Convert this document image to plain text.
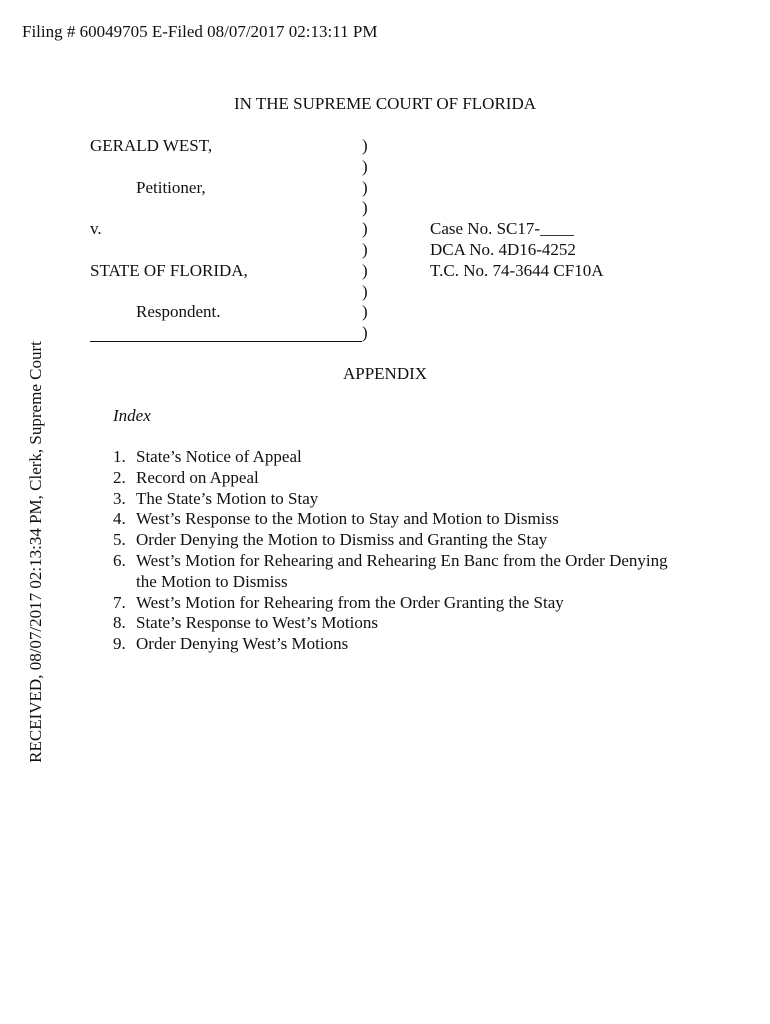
Filing # 60049705 E-Filed 08/07/2017 02:13:11 PM
RECEIVED, 08/07/2017 02:13:34 PM, Clerk, Supreme Court
IN THE SUPREME COURT OF FLORIDA
GERALD WEST,
Petitioner,
v.
STATE OF FLORIDA,
Respondent.
)
)
)
)
)
)
)
)
)
)
Case No. SC17-____
DCA No. 4D16-4252
T.C. No. 74-3644 CF10A
APPENDIX
Index
1. State’s Notice of Appeal
2. Record on Appeal
3. The State’s Motion to Stay
4. West’s Response to the Motion to Stay and Motion to Dismiss
5. Order Denying the Motion to Dismiss and Granting the Stay
6. West’s Motion for Rehearing and Rehearing En Banc from the Order Denying the Motion to Dismiss
7. West’s Motion for Rehearing from the Order Granting the Stay
8. State’s Response to West’s Motions
9. Order Denying West’s Motions
